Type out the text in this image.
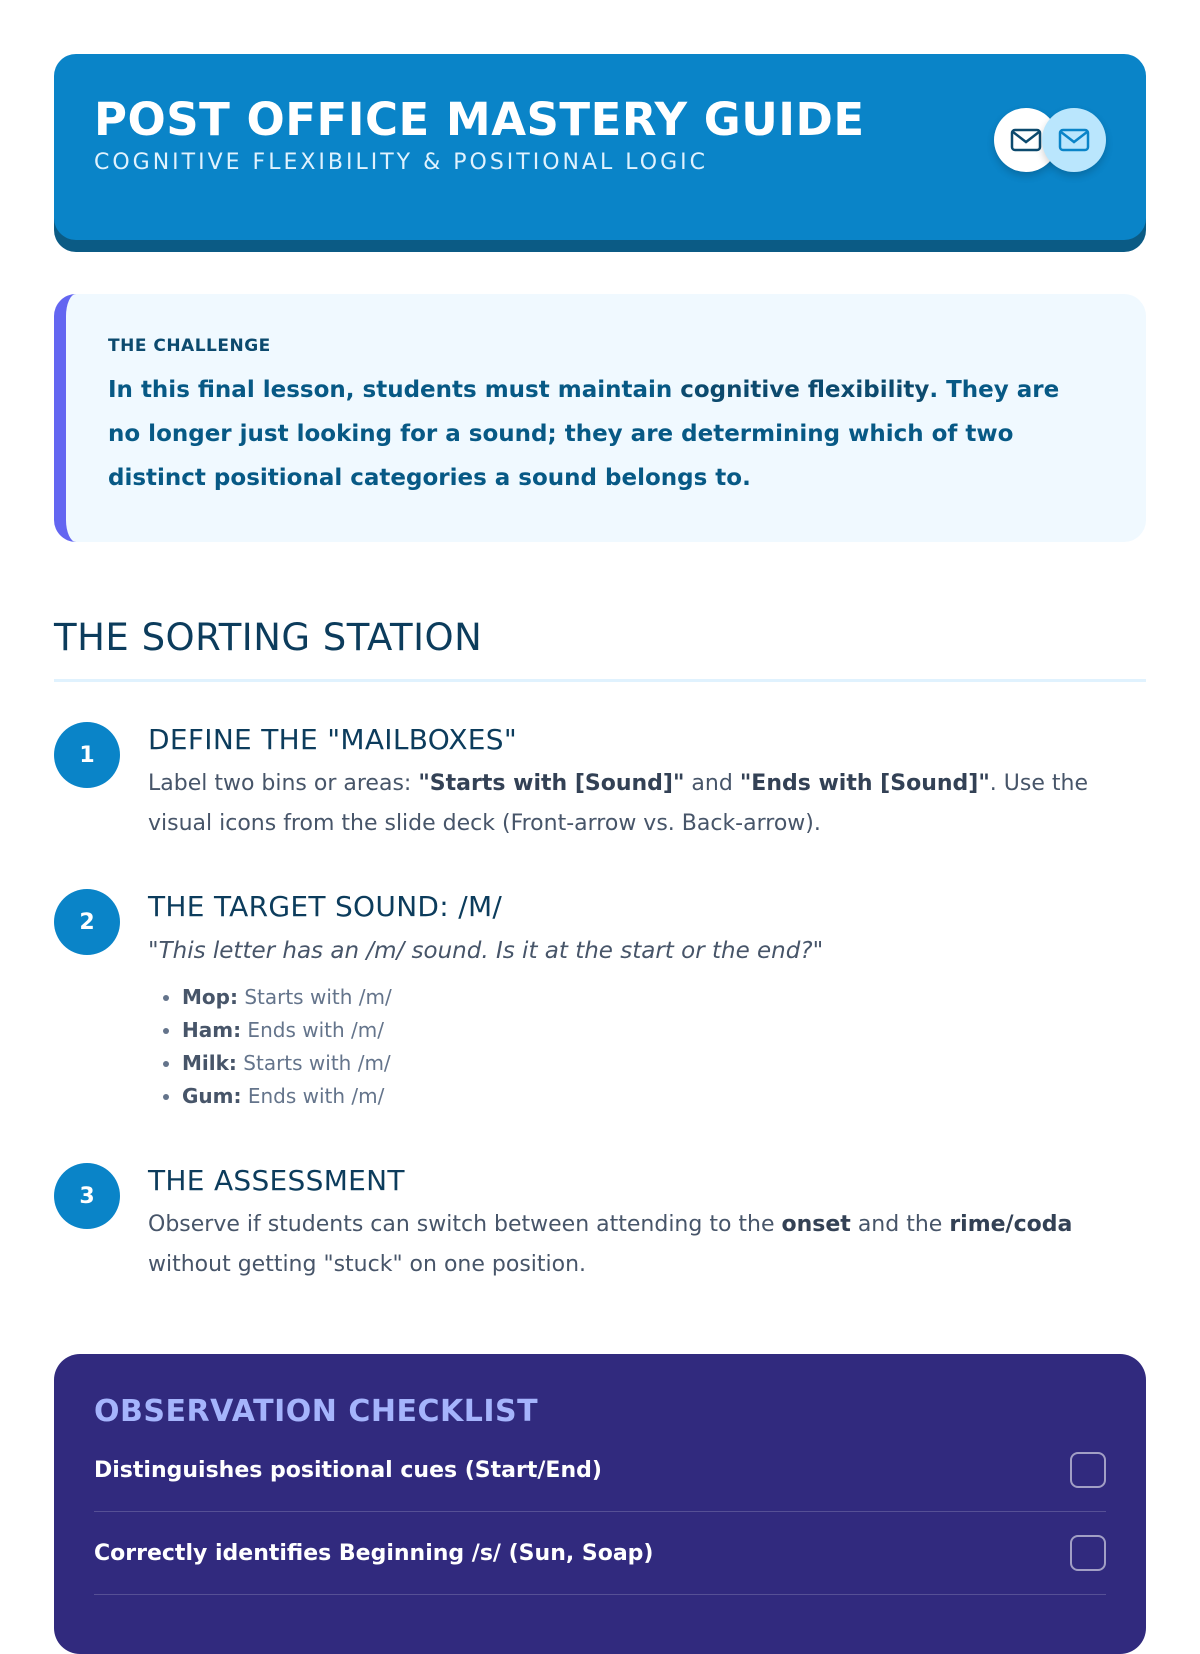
POST OFFICE MASTERY GUIDE
COGNITIVE FLEXIBILITY & POSITIONAL LOGIC
THE CHALLENGE
In this final lesson, students must maintain cognitive flexibility. They are no longer just looking for a sound; they are determining which of two distinct positional categories a sound belongs to.
THE SORTING STATION
1	DEFINE THE "MAILBOXES"
Label two bins or areas: "Starts with [Sound]" and "Ends with [Sound]". Use the visual icons from the slide deck (Front-arrow vs. Back-arrow).
2	THE TARGET SOUND: /M/
"This letter has an /m/ sound. Is it at the start or the end?"
• Mop: Starts with /m/
• Ham: Ends with /m/
• Milk: Starts with /m/
• Gum: Ends with /m/
3	THE ASSESSMENT
Observe if students can switch between attending to the onset and the rime/coda without getting "stuck" on one position.
OBSERVATION CHECKLIST
Distinguishes positional cues (Start/End)
Correctly identifies Beginning /s/ (Sun, Soap)
